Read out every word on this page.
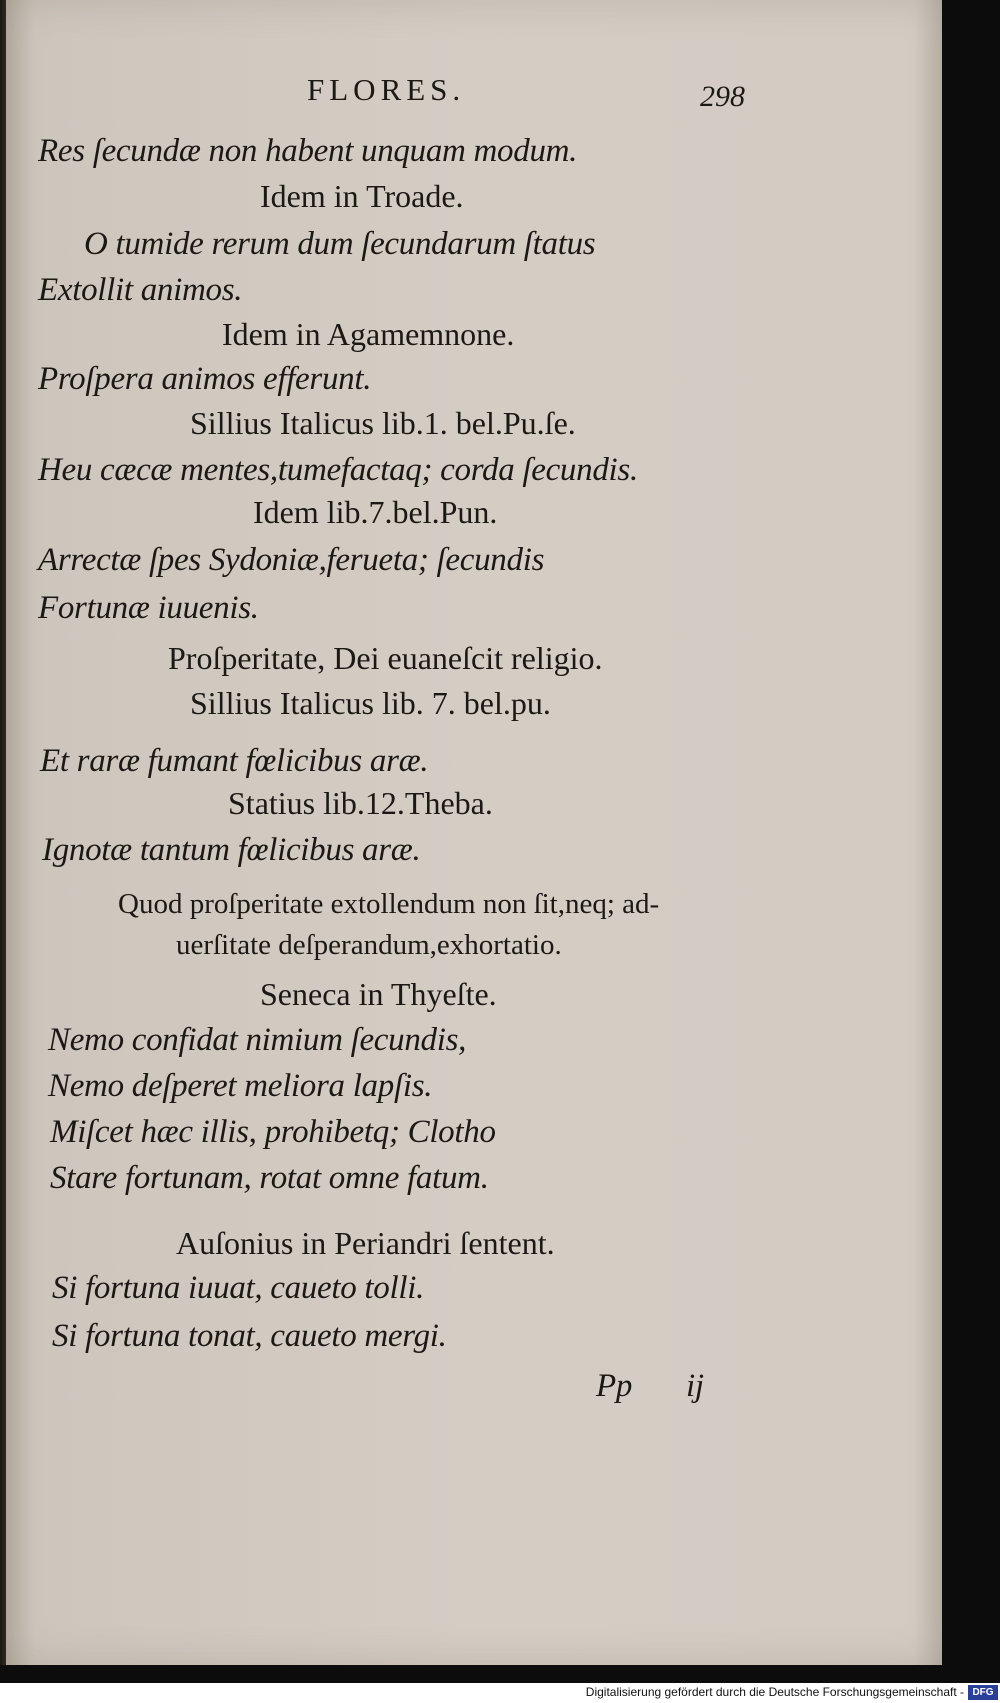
FLORES.	298
Res ſecundæ non habent unquam modum.
Idem in Troade.
O tumide rerum dum ſecundarum ſtatus
Extollit animos.
Idem in Agamemnone.
Proſpera animos efferunt.
Sillius Italicus lib.1. bel.Pu.ſe.
Heu cæcæ mentes,tumefactaq; corda ſecundis.
Idem lib.7.bel.Pun.
Arrectæ ſpes Sydoniæ,ferueta; ſecundis
Fortunæ iuuenis.
Proſperitate, Dei euaneſcit religio.
Sillius Italicus lib. 7. bel.pu.
Et raræ fumant fœlicibus aræ.
Statius lib.12.Theba.
Ignotæ tantum fœlicibus aræ.
Quod proſperitate extollendum non ſit,neq; ad-
uerſitate deſperandum,exhortatio.
Seneca in Thyeſte.
Nemo confidat nimium ſecundis,
Nemo deſperet meliora lapſis.
Miſcet hæc illis, prohibetq; Clotho
Stare fortunam, rotat omne fatum.
Auſonius in Periandri ſentent.
Si fortuna iuuat, caueto tolli.
Si fortuna tonat, caueto mergi.
Pp ij
Digitalisierung gefördert durch die Deutsche Forschungsgemeinschaft - DFG
